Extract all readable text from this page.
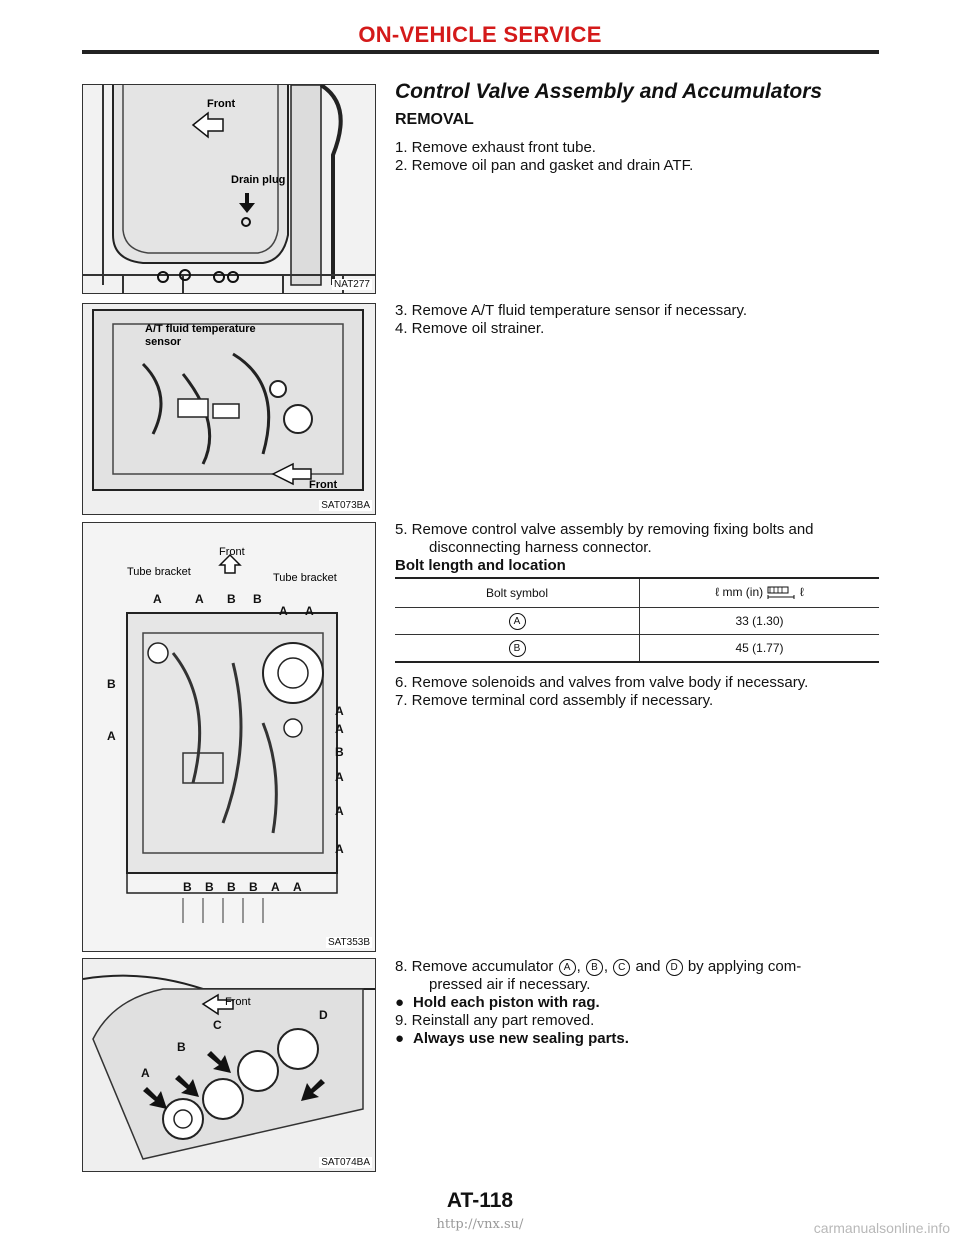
ON-VEHICLE SERVICE
Front
Drain plug
NAT277
A/T fluid temperature
sensor
Front
SAT073BA
Front
Tube bracket	Tube bracket
A	A B B
A A
B
A
A
A
B
A
A
A
B B B B A A
SAT353B
Front
A
B
C
D
SAT074BA
Control Valve Assembly and Accumulators
REMOVAL

1. Remove exhaust front tube.

2. Remove oil pan and gasket and drain ATF.

3. Remove A/T fluid temperature sensor if necessary.

4. Remove oil strainer.

5. Remove control valve assembly by removing fixing bolts and
disconnecting harness connector.

Bolt length and location
Bolt symbol	ℓ mm (in) ℓ
A	33 (1.30)
B	45 (1.77)

6. Remove solenoids and valves from valve body if necessary.

7. Remove terminal cord assembly if necessary.

8. Remove accumulator A , B , C and D by applying com-
pressed air if necessary.

● Hold each piston with rag.

9. Reinstall any part removed.

● Always use new sealing parts.

AT-118
http://vnx.su/	carmanualsonline.info
